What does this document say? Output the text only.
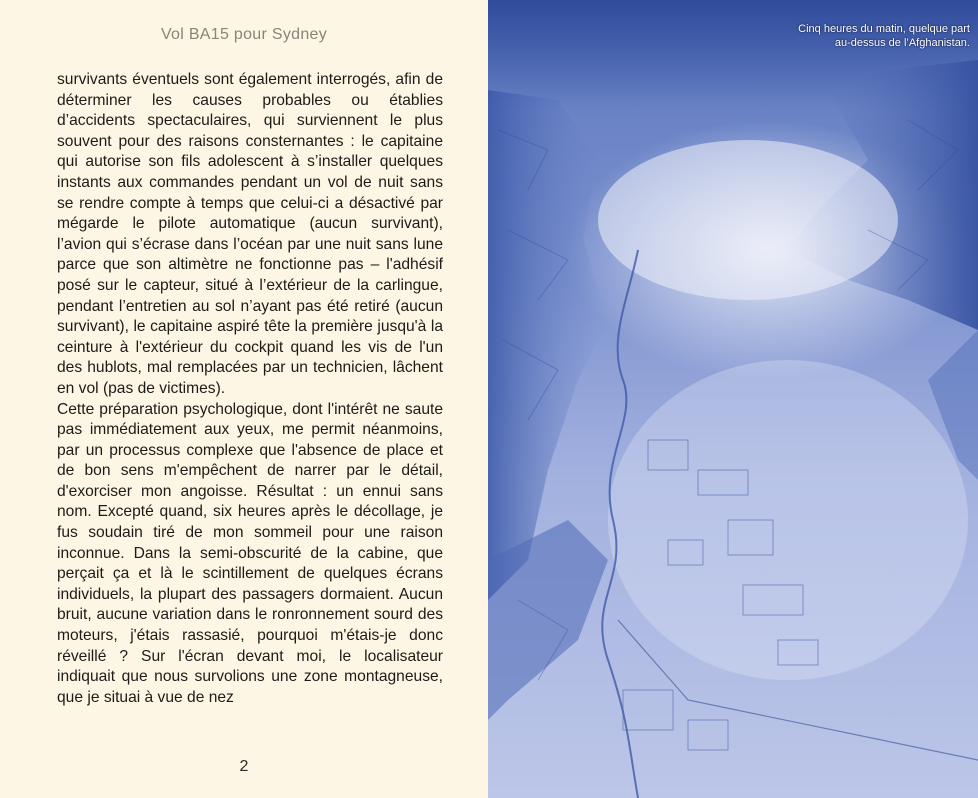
Vol BA15 pour Sydney

survivants éventuels sont également interrogés, afin de déterminer les causes probables ou établies d’accidents spectaculaires, qui surviennent le plus souvent pour des raisons consternantes : le capitaine qui autorise son fils adolescent à s’installer quelques instants aux commandes pendant un vol de nuit sans se rendre compte à temps que celui-ci a désactivé par mégarde le pilote automatique (aucun survivant), l’avion qui s’écrase dans l’océan par une nuit sans lune parce que son altimètre ne fonctionne pas – l'adhésif posé sur le capteur, situé à l’extérieur de la carlingue, pendant l’entretien au sol n’ayant pas été retiré (aucun survivant), le capitaine aspiré tête la première jusqu'à la ceinture à l'extérieur du cockpit quand les vis de l'un des hublots, mal remplacées par un technicien, lâchent en vol (pas de victimes).

Cette préparation psychologique, dont l'intérêt ne saute pas immédiatement aux yeux, me permit néanmoins, par un processus complexe que l'absence de place et de bon sens m'empêchent de narrer par le détail, d'exorciser mon angoisse. Résultat : un ennui sans nom. Excepté quand, six heures après le décollage, je fus soudain tiré de mon sommeil pour une raison inconnue. Dans la semi-obscurité de la cabine, que perçait ça et là le scintillement de quelques écrans individuels, la plupart des passagers dormaient. Aucun bruit, aucune variation dans le ronronnement sourd des moteurs, j'étais rassasié, pourquoi m'étais-je donc réveillé ? Sur l'écran devant moi, le localisateur indiquait que nous survolions une zone montagneuse, que je situai à vue de nez

2
Cinq heures du matin, quelque part
au-dessus de l’Afghanistan.
